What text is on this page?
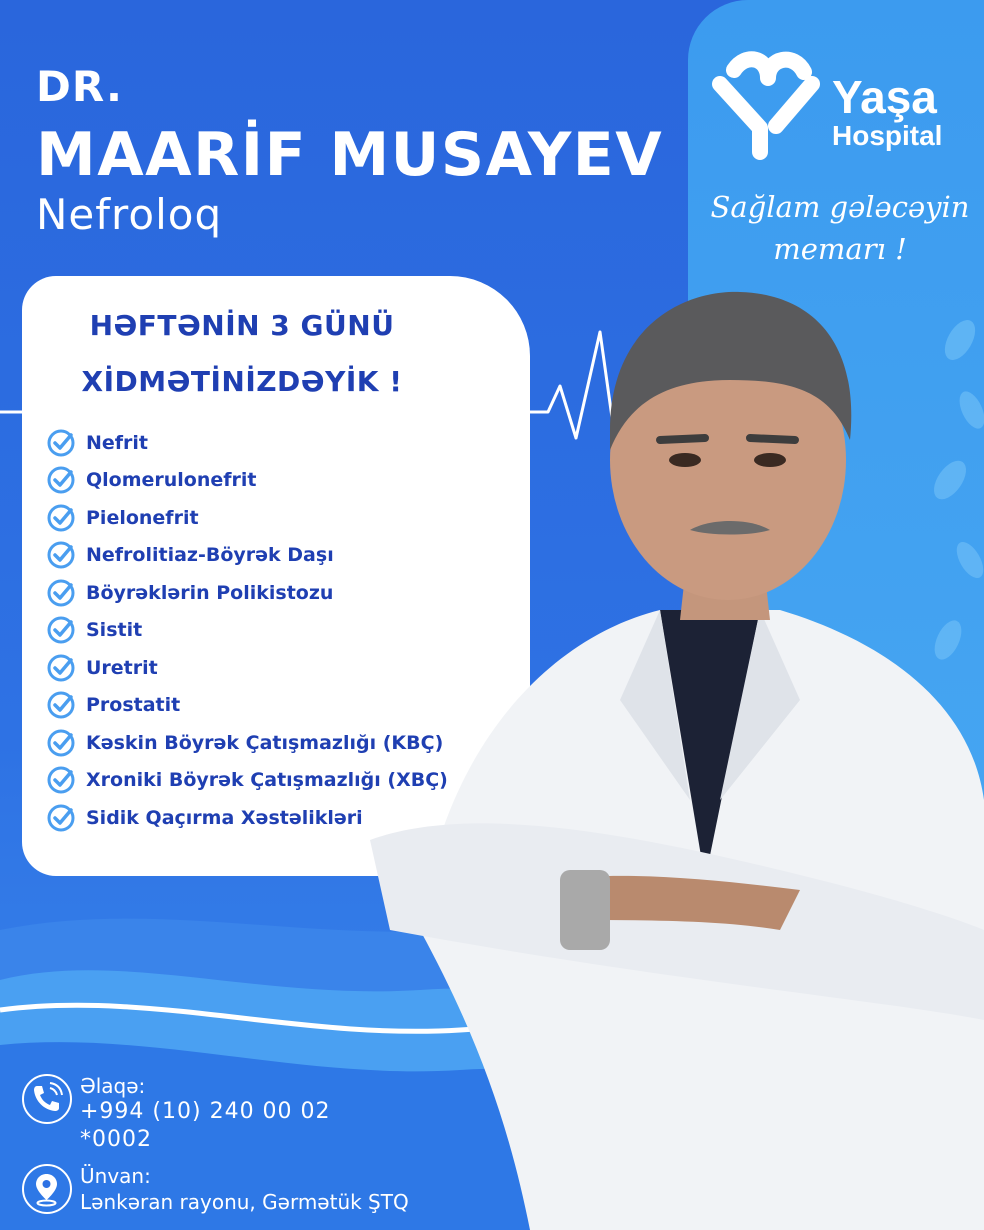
DR.
MAARİF MUSAYEV
Nefroloq
Yaşa
Hospital
Sağlam gələcəyin
memarı !
HƏFTƏNİN 3 GÜNÜ
XİDMƏTİNİZDƏYİK !
Nefrit
Qlomerulonefrit
Pielonefrit
Nefrolitiaz-Böyrək Daşı
Böyrəklərin Polikistozu
Sistit
Uretrit
Prostatit
Kəskin Böyrək Çatışmazlığı (KBÇ)
Xroniki Böyrək Çatışmazlığı (XBÇ)
Sidik Qaçırma Xəstəlikləri
Əlaqə:
+994 (10) 240 00 02
*0002
Ünvan:
Lənkəran rayonu, Gərmətük ŞTQ
